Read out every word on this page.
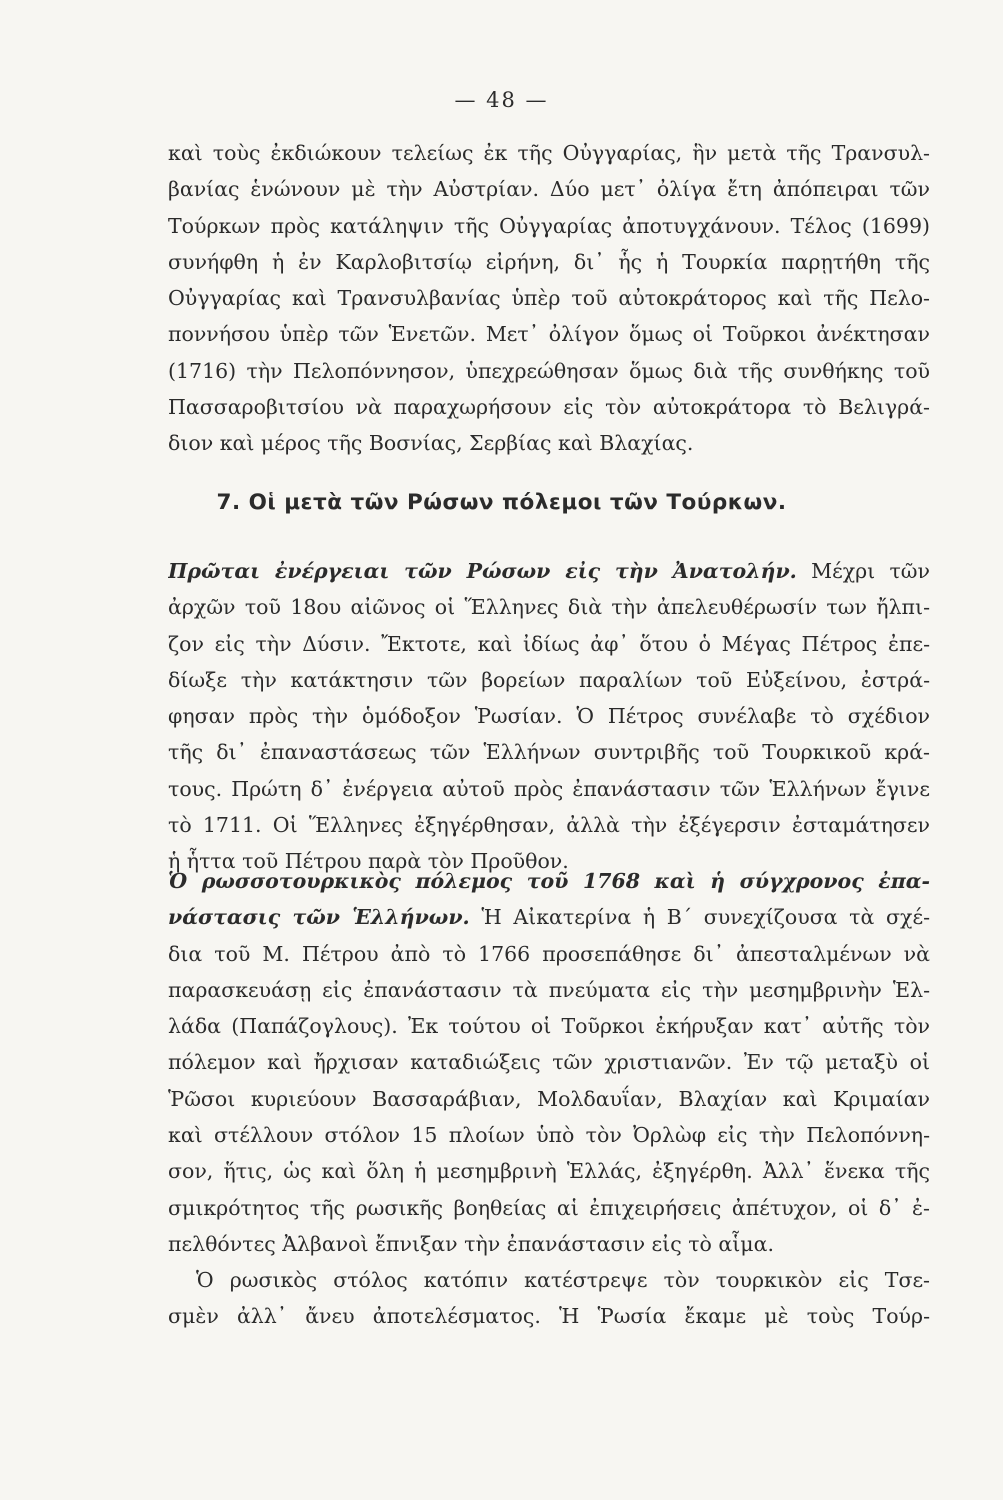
— 48 —
καὶ τοὺς ἐκδιώκουν τελείως ἐκ τῆς Οὐγγαρίας, ἣν μετὰ τῆς Τρανσυλ-
βανίας ἑνώνουν μὲ τὴν Αὐστρίαν. Δύο μετ᾽ ὀλίγα ἔτη ἀπόπειραι τῶν
Τούρκων πρὸς κατάληψιν τῆς Οὐγγαρίας ἀποτυγχάνουν. Τέλος (1699)
συνήφθη ἡ ἐν Καρλοβιτσίῳ εἰρήνη, δι᾽ ἧς ἡ Τουρκία παρῃτήθη τῆς
Οὐγγαρίας καὶ Τρανσυλβανίας ὑπὲρ τοῦ αὐτοκράτορος καὶ τῆς Πελο-
ποννήσου ὑπὲρ τῶν Ἑνετῶν. Μετ᾽ ὀλίγον ὅμως οἱ Τοῦρκοι ἀνέκτησαν
(1716) τὴν Πελοπόννησον, ὑπεχρεώθησαν ὅμως διὰ τῆς συνθήκης τοῦ
Πασσαροβιτσίου νὰ παραχωρήσουν εἰς τὸν αὐτοκράτορα τὸ Βελιγρά-
διον καὶ μέρος τῆς Βοσνίας, Σερβίας καὶ Βλαχίας.
7. Οἱ μετὰ τῶν Ρώσων πόλεμοι τῶν Τούρκων.
Πρῶται ἐνέργειαι τῶν Ρώσων εἰς τὴν Ἀνατολήν. Μέχρι τῶν
ἀρχῶν τοῦ 18ου αἰῶνος οἱ Ἕλληνες διὰ τὴν ἀπελευθέρωσίν των ἤλπι-
ζον εἰς τὴν Δύσιν. Ἔκτοτε, καὶ ἰδίως ἀφ᾽ ὅτου ὁ Μέγας Πέτρος ἐπε-
δίωξε τὴν κατάκτησιν τῶν βορείων παραλίων τοῦ Εὐξείνου, ἐστρά-
φησαν πρὸς τὴν ὁμόδοξον Ῥωσίαν. Ὁ Πέτρος συνέλαβε τὸ σχέδιον
τῆς δι᾽ ἐπαναστάσεως τῶν Ἑλλήνων συντριβῆς τοῦ Τουρκικοῦ κρά-
τους. Πρώτη δ᾽ ἐνέργεια αὐτοῦ πρὸς ἐπανάστασιν τῶν Ἑλλήνων ἔγινε
τὸ 1711. Οἱ Ἕλληνες ἐξηγέρθησαν, ἀλλὰ τὴν ἐξέγερσιν ἐσταμάτησεν
ἡ ἧττα τοῦ Πέτρου παρὰ τὸν Προῦθον.
Ὁ ρωσσοτουρκικὸς πόλεμος τοῦ 1768 καὶ ἡ σύγχρονος ἐπα-
νάστασις τῶν Ἑλλήνων. Ἡ Αἰκατερίνα ἡ Β΄ συνεχίζουσα τὰ σχέ-
δια τοῦ Μ. Πέτρου ἀπὸ τὸ 1766 προσεπάθησε δι᾽ ἀπεσταλμένων νὰ
παρασκευάσῃ εἰς ἐπανάστασιν τὰ πνεύματα εἰς τὴν μεσημβρινὴν Ἑλ-
λάδα (Παπάζογλους). Ἐκ τούτου οἱ Τοῦρκοι ἐκήρυξαν κατ᾽ αὐτῆς τὸν
πόλεμον καὶ ἤρχισαν καταδιώξεις τῶν χριστιανῶν. Ἐν τῷ μεταξὺ οἱ
Ῥῶσοι κυριεύουν Βασσαράβιαν, Μολδαυΐαν, Βλαχίαν καὶ Κριμαίαν
καὶ στέλλουν στόλον 15 πλοίων ὑπὸ τὸν Ὀρλὼφ εἰς τὴν Πελοπόννη-
σον, ἥτις, ὡς καὶ ὅλη ἡ μεσημβρινὴ Ἑλλάς, ἐξηγέρθη. Ἀλλ᾽ ἕνεκα τῆς
σμικρότητος τῆς ρωσικῆς βοηθείας αἱ ἐπιχειρήσεις ἀπέτυχον, οἱ δ᾽ ἐ-
πελθόντες Ἀλβανοὶ ἔπνιξαν τὴν ἐπανάστασιν εἰς τὸ αἷμα.
Ὁ ρωσικὸς στόλος κατόπιν κατέστρεψε τὸν τουρκικὸν εἰς Τσε-
σμὲν ἀλλ᾽ ἄνευ ἀποτελέσματος. Ἡ Ῥωσία ἔκαμε μὲ τοὺς Τούρ-
